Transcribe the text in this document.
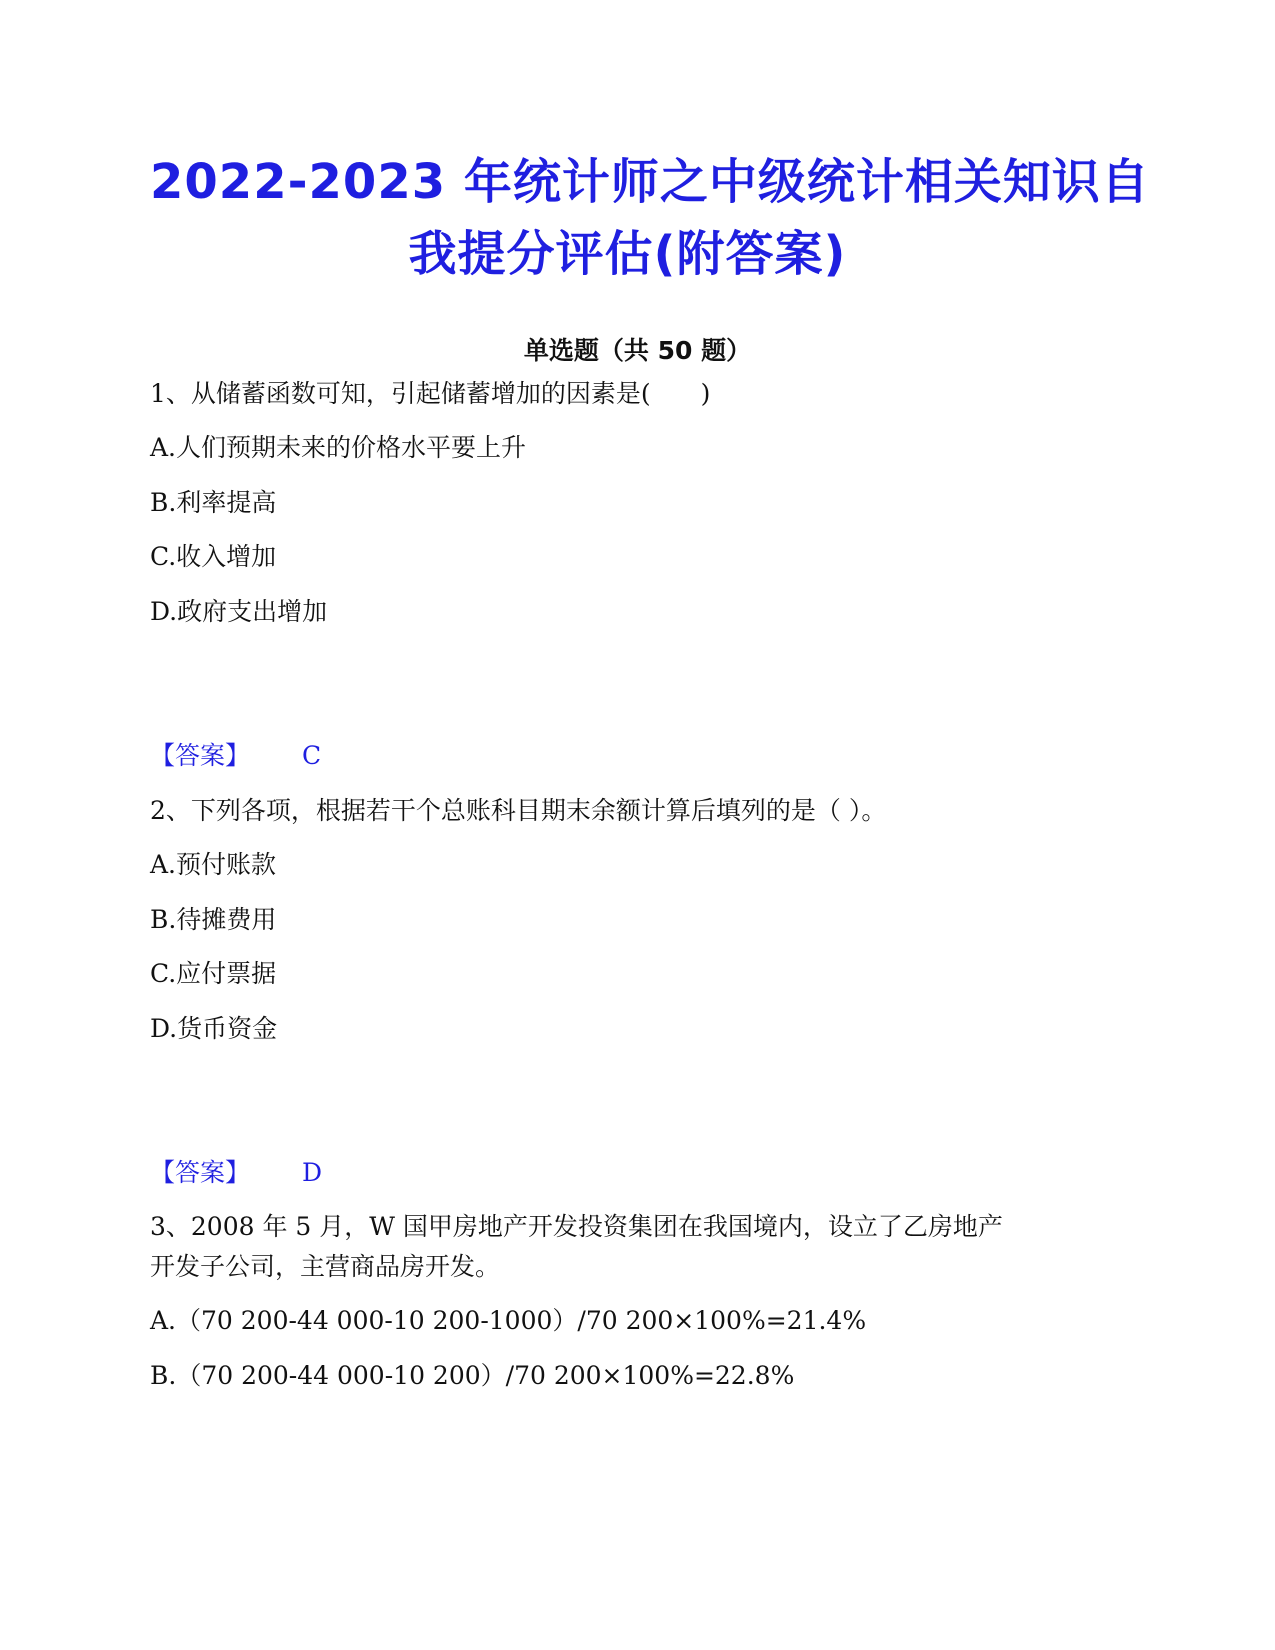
2022-2023 年统计师之中级统计相关知识自
我提分评估(附答案)
单选题（共 50 题）
1、从储蓄函数可知，引起储蓄增加的因素是(　　)
A.人们预期未来的价格水平要上升
B.利率提高
C.收入增加
D.政府支出增加
【答案】 C
2、下列各项，根据若干个总账科目期末余额计算后填列的是（ ）。
A.预付账款
B.待摊费用
C.应付票据
D.货币资金
【答案】 D
3、2008 年 5 月，W 国甲房地产开发投资集团在我国境内，设立了乙房地产
开发子公司，主营商品房开发。
A.（70 200-44 000-10 200-1000）/70 200×100%=21.4%
B.（70 200-44 000-10 200）/70 200×100%=22.8%
